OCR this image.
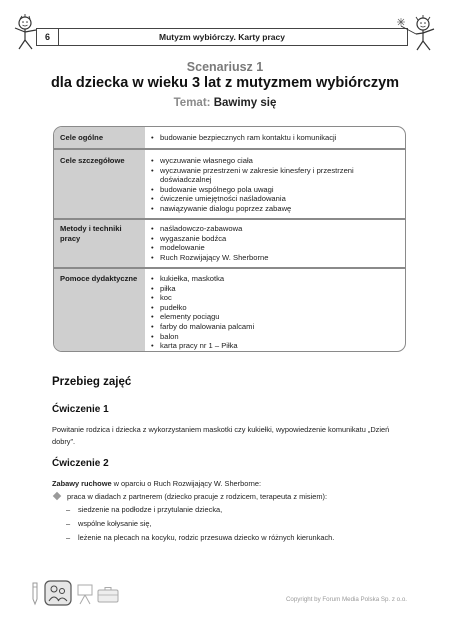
6	Mutyzm wybiórczy. Karty pracy
Scenariusz 1
dla dziecka w wieku 3 lat z mutyzmem wybiórczym
Temat: Bawimy się
Cele ogólne	• budowanie bezpiecznych ram kontaktu i komunikacji
Cele szczegółowe	• wyczuwanie własnego ciała
• wyczuwanie przestrzeni w zakresie kinesfery i przestrzeni doświadczalnej
• budowanie wspólnego pola uwagi
• ćwiczenie umiejętności naśladowania
• nawiązywanie dialogu poprzez zabawę
Metody i techniki pracy
• naśladowczo-zabawowa
• wygaszanie bodźca
• modelowanie
• Ruch Rozwijający W. Sherborne
Pomoce dydaktyczne	• kukiełka, maskotka
• piłka
• koc
• pudełko
• elementy pociągu
• farby do malowania palcami
• balon
• karta pracy nr 1 – Piłka
Przebieg zajęć
Ćwiczenie 1
Powitanie rodzica i dziecka z wykorzystaniem maskotki czy kukiełki, wypowiedzenie komunikatu „Dzień dobry”.
Ćwiczenie 2
Zabawy ruchowe w oparciu o Ruch Rozwijający W. Sherborne:
praca w diadach z partnerem (dziecko pracuje z rodzicem, terapeuta z misiem):
– siedzenie na podłodze i przytulanie dziecka,
– wspólne kołysanie się,
– leżenie na plecach na kocyku, rodzic przesuwa dziecko w różnych kierunkach.
Copyright by Forum Media Polska Sp. z o.o.
